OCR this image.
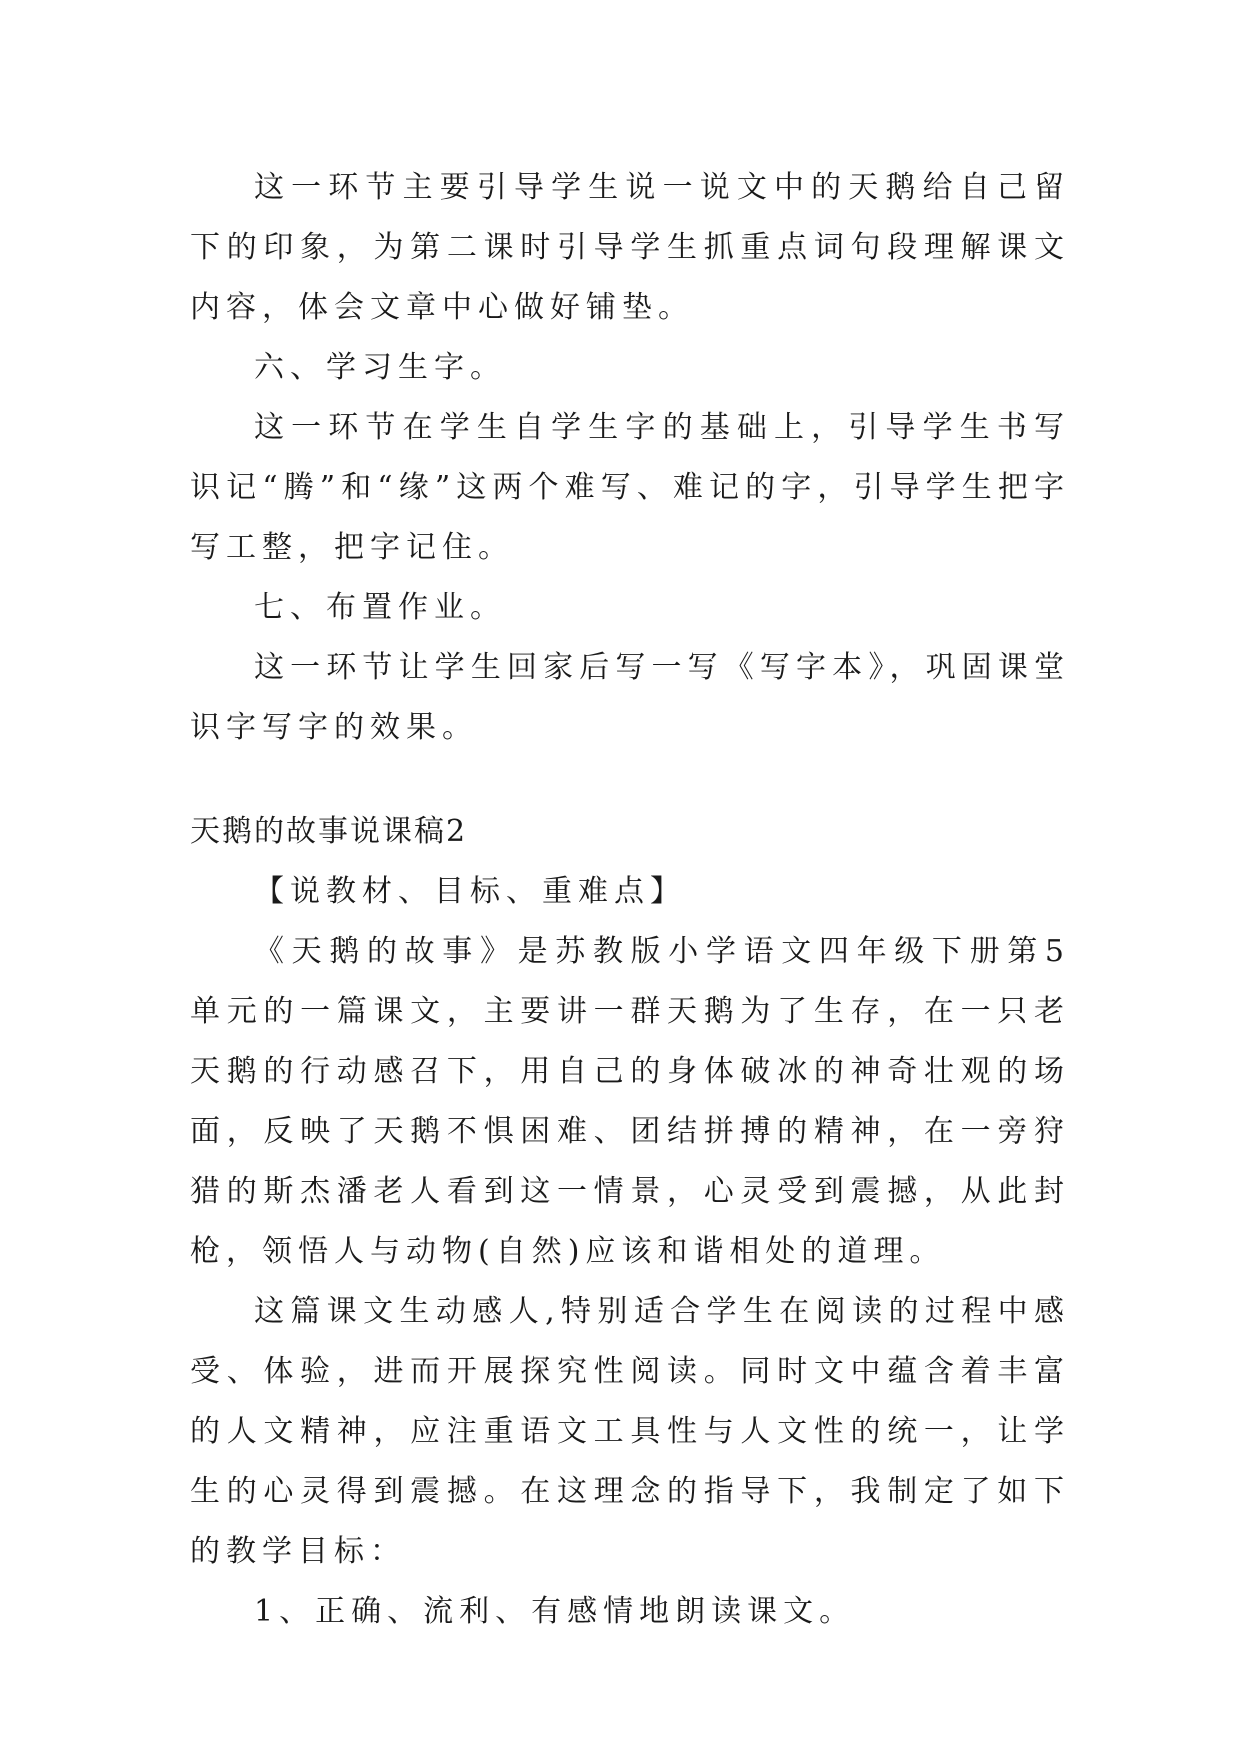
这一环节主要引导学生说一说文中的天鹅给自己留下的印象，为第二课时引导学生抓重点词句段理解课文内容，体会文章中心做好铺垫。

六、学习生字。

这一环节在学生自学生字的基础上，引导学生书写识记“腾”和“缘”这两个难写、难记的字，引导学生把字写工整，把字记住。

七、布置作业。

这一环节让学生回家后写一写《写字本》，巩固课堂识字写字的效果。

天鹅的故事说课稿2

【说教材、目标、重难点】

《天鹅的故事》是苏教版小学语文四年级下册第5单元的一篇课文，主要讲一群天鹅为了生存，在一只老天鹅的行动感召下，用自己的身体破冰的神奇壮观的场面，反映了天鹅不惧困难、团结拼搏的精神，在一旁狩猎的斯杰潘老人看到这一情景，心灵受到震撼，从此封枪，领悟人与动物(自然)应该和谐相处的道理。

这篇课文生动感人,特别适合学生在阅读的过程中感受、体验，进而开展探究性阅读。同时文中蕴含着丰富的人文精神，应注重语文工具性与人文性的统一，让学生的心灵得到震撼。在这理念的指导下，我制定了如下的教学目标：

1、正确、流利、有感情地朗读课文。
